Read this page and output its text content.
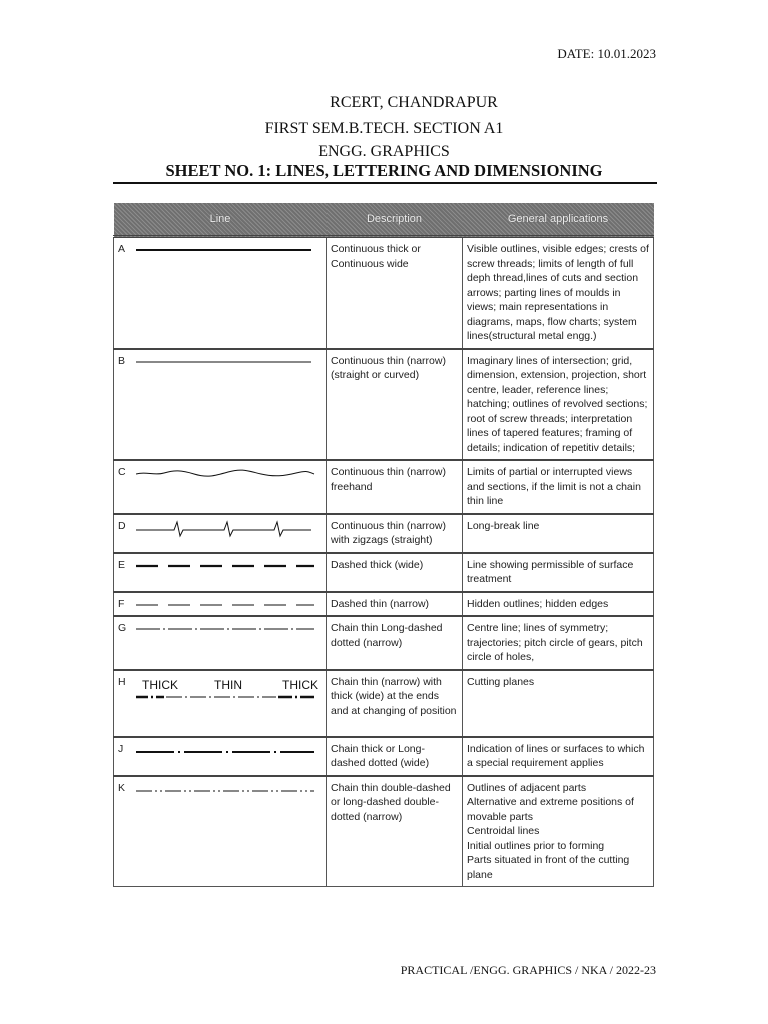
DATE: 10.01.2023
RCERT, CHANDRAPUR
FIRST SEM.B.TECH. SECTION A1
ENGG. GRAPHICS
SHEET NO. 1: LINES, LETTERING AND DIMENSIONING
Line	Description	General applications
A	Continuous thick or Continuous wide	Visible outlines, visible edges; crests of screw threads; limits of length of full deph thread,lines of cuts and section arrows; parting lines of moulds in views; main representations in diagrams, maps, flow charts; system lines(structural metal engg.)
B	Continuous thin (narrow) (straight or curved)	Imaginary lines of intersection; grid, dimension, extension, projection, short centre, leader, reference lines; hatching; outlines of revolved sections; root of screw threads; interpretation lines of tapered features; framing of details; indication of repetitiv details;
C	Continuous thin (narrow) freehand	Limits of partial or interrupted views and sections, if the limit is not a chain thin line
D	Continuous thin (narrow) with zigzags (straight)	Long-break line
E	Dashed thick (wide)	Line showing permissible of surface treatment
F	Dashed thin (narrow)	Hidden outlines; hidden edges
G	Chain thin Long-dashed dotted (narrow)	Centre line; lines of symmetry; trajectories; pitch circle of gears, pitch circle of holes,
H THICK THIN THICK	Chain thin (narrow) with thick (wide) at the ends and at changing of position	Cutting planes
J	Chain thick or Long-dashed dotted (wide)	Indication of lines or surfaces to which a special requirement applies
K	Chain thin double-dashed or long-dashed double-dotted (narrow)	Outlines of adjacent parts
Alternative and extreme positions of movable parts
Centroidal lines
Initial outlines prior to forming
Parts situated in front of the cutting plane
PRACTICAL /ENGG. GRAPHICS / NKA / 2022-23
